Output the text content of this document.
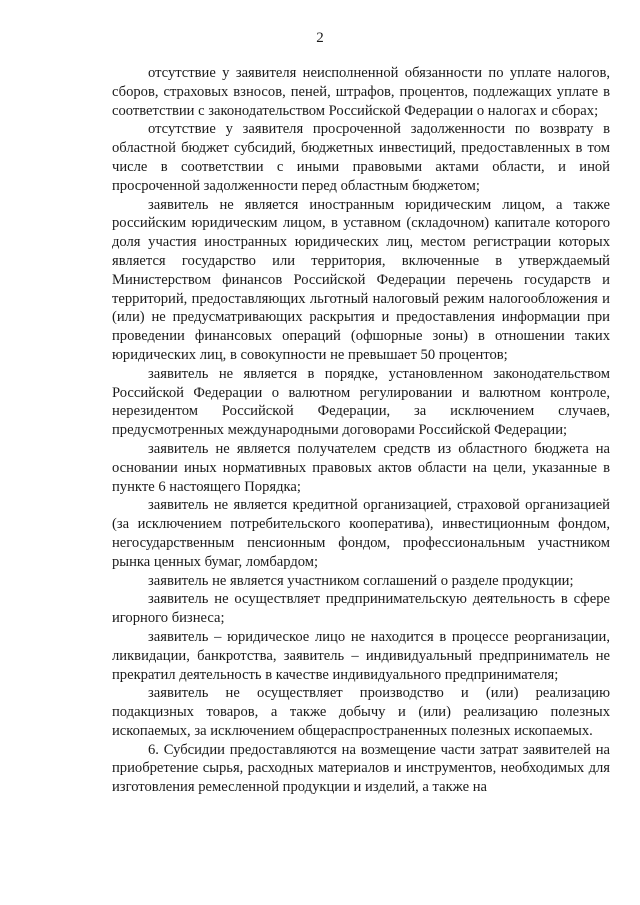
2

отсутствие у заявителя неисполненной обязанности по уплате налогов, сборов, страховых взносов, пеней, штрафов, процентов, подлежащих уплате в соответствии с законодательством Российской Федерации о налогах и сборах;

отсутствие у заявителя просроченной задолженности по возврату в областной бюджет субсидий, бюджетных инвестиций, предоставленных в том числе в соответствии с иными правовыми актами области, и иной просроченной задолженности перед областным бюджетом;

заявитель не является иностранным юридическим лицом, а также российским юридическим лицом, в уставном (складочном) капитале которого доля участия иностранных юридических лиц, местом регистрации которых является государство или территория, включенные в утверждаемый Министерством финансов Российской Федерации перечень государств и территорий, предоставляющих льготный налоговый режим налогообложения и (или) не предусматривающих раскрытия и предоставления информации при проведении финансовых операций (офшорные зоны) в отношении таких юридических лиц, в совокупности не превышает 50 процентов;

заявитель не является в порядке, установленном законодательством Российской Федерации о валютном регулировании и валютном контроле, нерезидентом Российской Федерации, за исключением случаев, предусмотренных международными договорами Российской Федерации;

заявитель не является получателем средств из областного бюджета на основании иных нормативных правовых актов области на цели, указанные в пункте 6 настоящего Порядка;

заявитель не является кредитной организацией, страховой организацией (за исключением потребительского кооператива), инвестиционным фондом, негосударственным пенсионным фондом, профессиональным участником рынка ценных бумаг, ломбардом;

заявитель не является участником соглашений о разделе продукции;

заявитель не осуществляет предпринимательскую деятельность в сфере игорного бизнеса;

заявитель – юридическое лицо не находится в процессе реорганизации, ликвидации, банкротства, заявитель – индивидуальный предприниматель не прекратил деятельность в качестве индивидуального предпринимателя;

заявитель не осуществляет производство и (или) реализацию подакцизных товаров, а также добычу и (или) реализацию полезных ископаемых, за исключением общераспространенных полезных ископаемых.

6. Субсидии предоставляются на возмещение части затрат заявителей на приобретение сырья, расходных материалов и инструментов, необходимых для изготовления ремесленной продукции и изделий, а также на
